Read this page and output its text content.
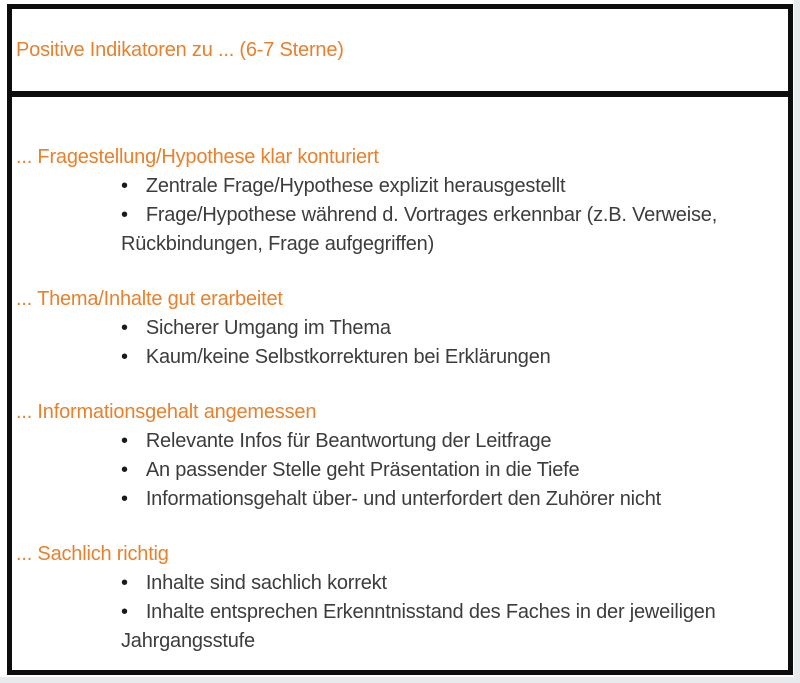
Positive Indikatoren zu ... (6-7 Sterne)
... Fragestellung/Hypothese klar konturiert
• Zentrale Frage/Hypothese explizit herausgestellt
• Frage/Hypothese während d. Vortrages erkennbar (z.B. Verweise, Rückbindungen, Frage aufgegriffen)
... Thema/Inhalte gut erarbeitet
• Sicherer Umgang im Thema
• Kaum/keine Selbstkorrekturen bei Erklärungen
... Informationsgehalt angemessen
• Relevante Infos für Beantwortung der Leitfrage
• An passender Stelle geht Präsentation in die Tiefe
• Informationsgehalt über- und unterfordert den Zuhörer nicht
... Sachlich richtig
• Inhalte sind sachlich korrekt
• Inhalte entsprechen Erkenntnisstand des Faches in der jeweiligen Jahrgangsstufe
